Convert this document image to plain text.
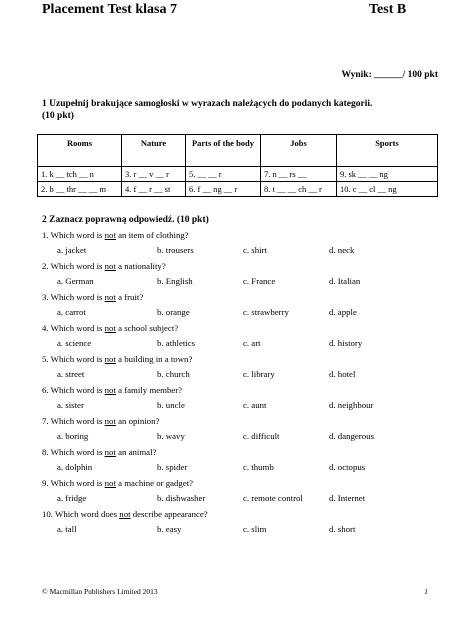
Placement Test klasa 7	Test B
Wynik: ______/ 100 pkt
1 Uzupełnij brakujące samogłoski w wyrazach należących do podanych kategorii.
(10 pkt)
Rooms	Nature	Parts of the body	Jobs	Sports
1. k __ tch __ n	3. r __ v __ r	5. __ __ r	7. n __ rs __	9. sk __ __ ng
2. b __ thr __ __ m	4. f __ r __ st	6. f __ ng __ r	8. t __ __ ch __ r	10. c __ cl __ ng
2 Zaznacz poprawną odpowiedź. (10 pkt)
1. Which word is not an item of clothing?
a. jacket	b. trousers	c. shirt	d. neck
2. Which word is not a nationality?
a. German	b. English	c. France	d. Italian
3. Which word is not a fruit?
a. carrot	b. orange	c. strawberry	d. apple
4. Which word is not a school subject?
a. science	b. athletics	c. art	d. history
5. Which word is not a building in a town?
a. street	b. church	c. library	d. hotel
6. Which word is not a family member?
a. sister	b. uncle	c. aunt	d. neighbour
7. Which word is not an opinion?
a. boring	b. wavy	c. difficult	d. dangerous
8. Which word is not an animal?
a. dolphin	b. spider	c. thumb	d. octopus
9. Which word is not a machine or gadget?
a. fridge	b. dishwasher	c. remote control	d. Internet
10. Which word does not describe appearance?
a. tall	b. easy	c. slim	d. short
© Macmillan Publishers Limited 2013	1
